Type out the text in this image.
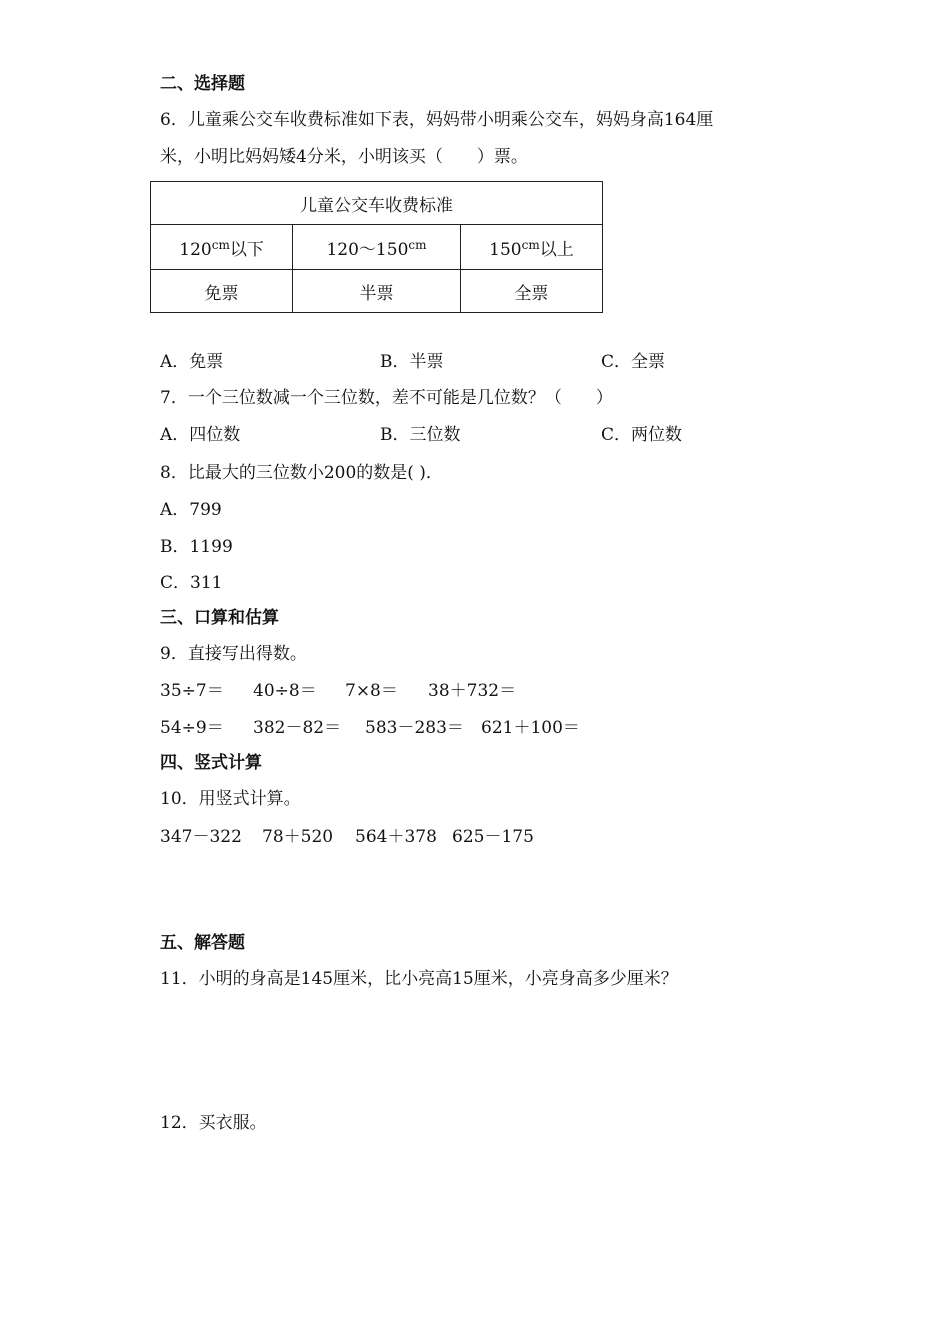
二、选择题
6．儿童乘公交车收费标准如下表，妈妈带小明乘公交车，妈妈身高164厘
米，小明比妈妈矮4分米，小明该买（　　）票。
儿童公交车收费标准		
$120^{cm}$以下	$120\sim 150^{cm}$	$150^{cm}$以上
免票	半票	全票
A．免票	B．半票	C．全票
7．一个三位数减一个三位数，差不可能是几位数？（　　）
A．四位数	B．三位数	C．两位数
8．比最大的三位数小200的数是( )．
A．799
B．1199
C．311
三、口算和估算
9．直接写出得数。
35÷7＝ 40÷8＝ 7×8＝ 38＋732＝
54÷9＝ 382－82＝ 583－283＝ 621＋100＝
四、竖式计算
10．用竖式计算。
347－322 78＋520 564＋378 625－175
五、解答题
11．小明的身高是145厘米，比小亮高15厘米，小亮身高多少厘米？
12．买衣服。
